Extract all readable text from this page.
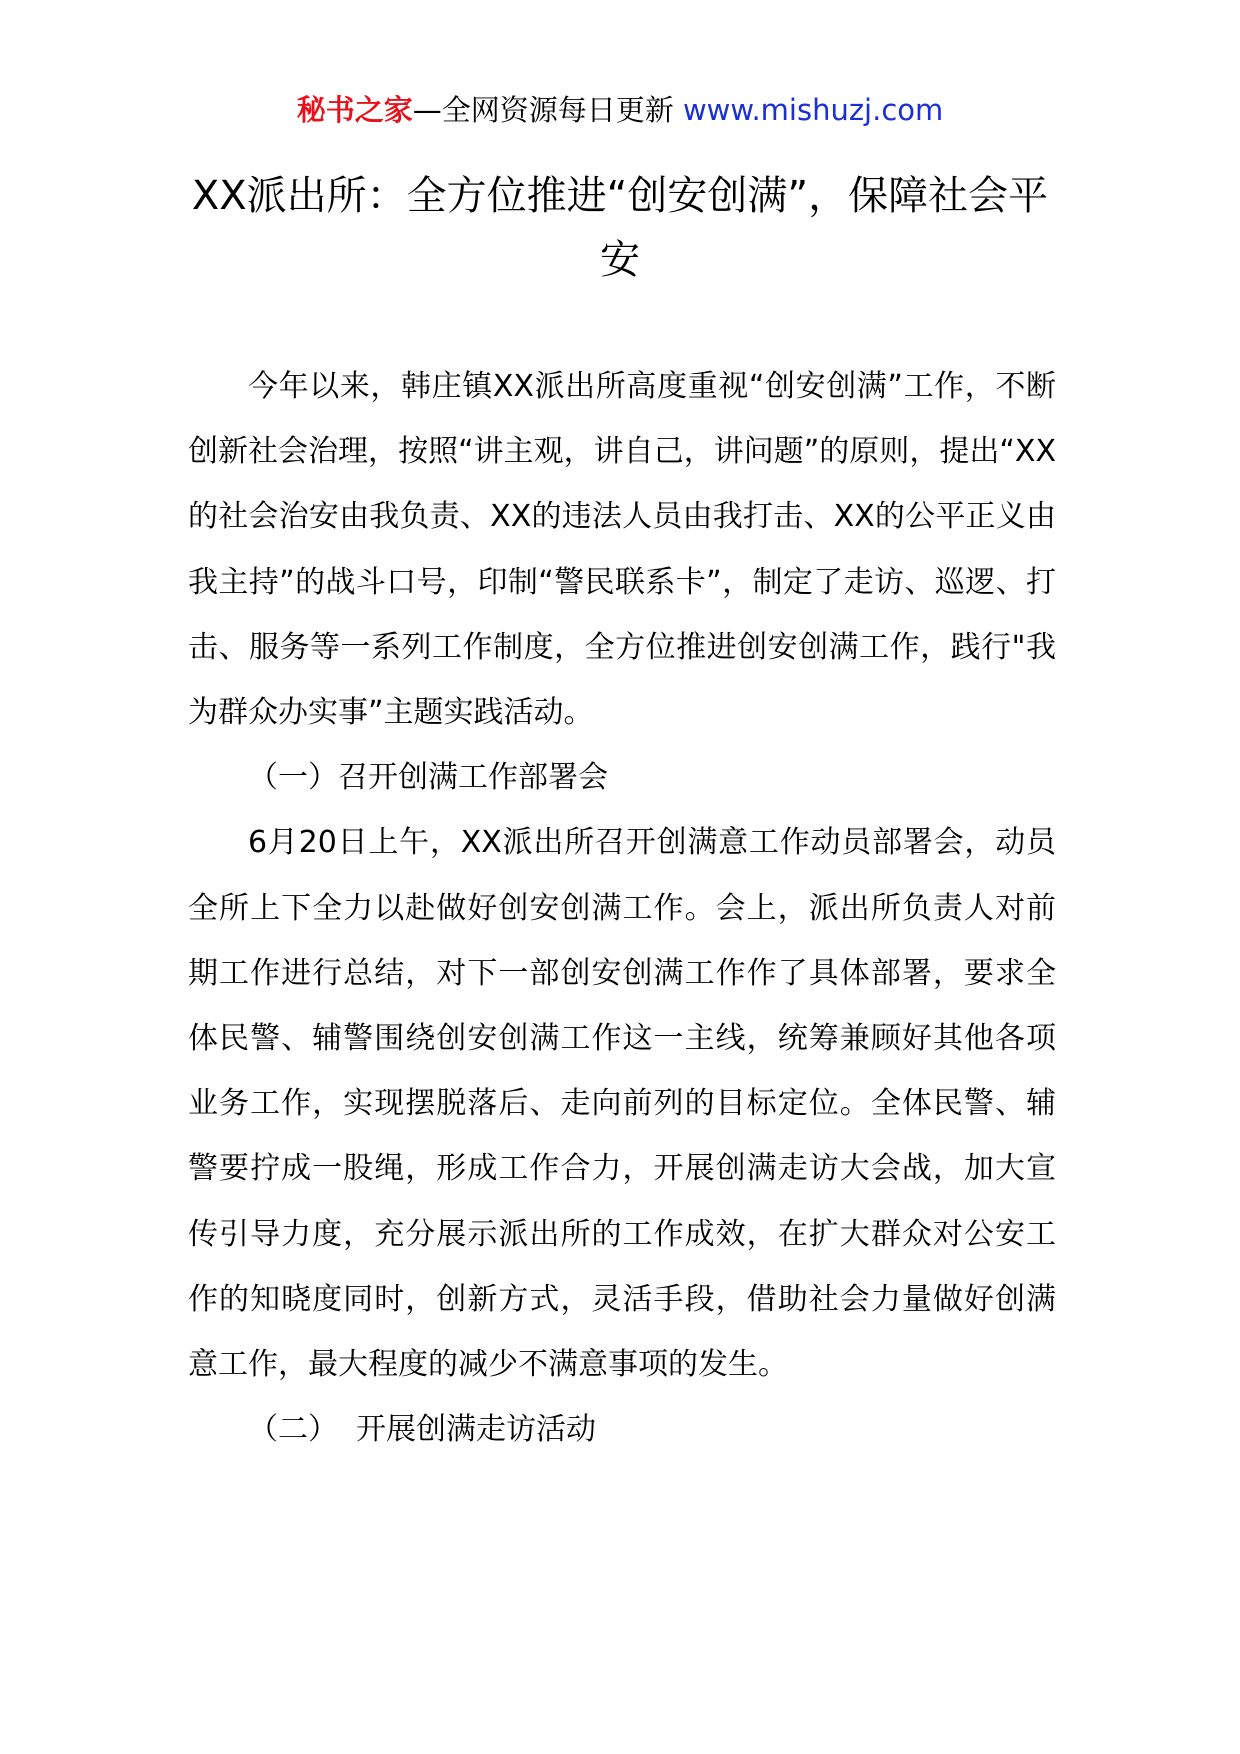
秘书之家—全网资源每日更新 www.mishuzj.com
XX派出所：全方位推进“创安创满”，保障社会平安

今年以来，韩庄镇XX派出所高度重视“创安创满”工作，不断创新社会治理，按照“讲主观，讲自己，讲问题”的原则，提出“XX的社会治安由我负责、XX的违法人员由我打击、XX的公平正义由我主持”的战斗口号，印制“警民联系卡”，制定了走访、巡逻、打击、服务等一系列工作制度，全方位推进创安创满工作，践行"我为群众办实事”主题实践活动。

（一）召开创满工作部署会

6月20日上午，XX派出所召开创满意工作动员部署会，动员全所上下全力以赴做好创安创满工作。会上，派出所负责人对前期工作进行总结，对下一部创安创满工作作了具体部署，要求全体民警、辅警围绕创安创满工作这一主线，统筹兼顾好其他各项业务工作，实现摆脱落后、走向前列的目标定位。全体民警、辅警要拧成一股绳，形成工作合力，开展创满走访大会战，加大宣传引导力度，充分展示派出所的工作成效，在扩大群众对公安工作的知晓度同时，创新方式，灵活手段，借助社会力量做好创满意工作，最大程度的减少不满意事项的发生。

（二） 开展创满走访活动
